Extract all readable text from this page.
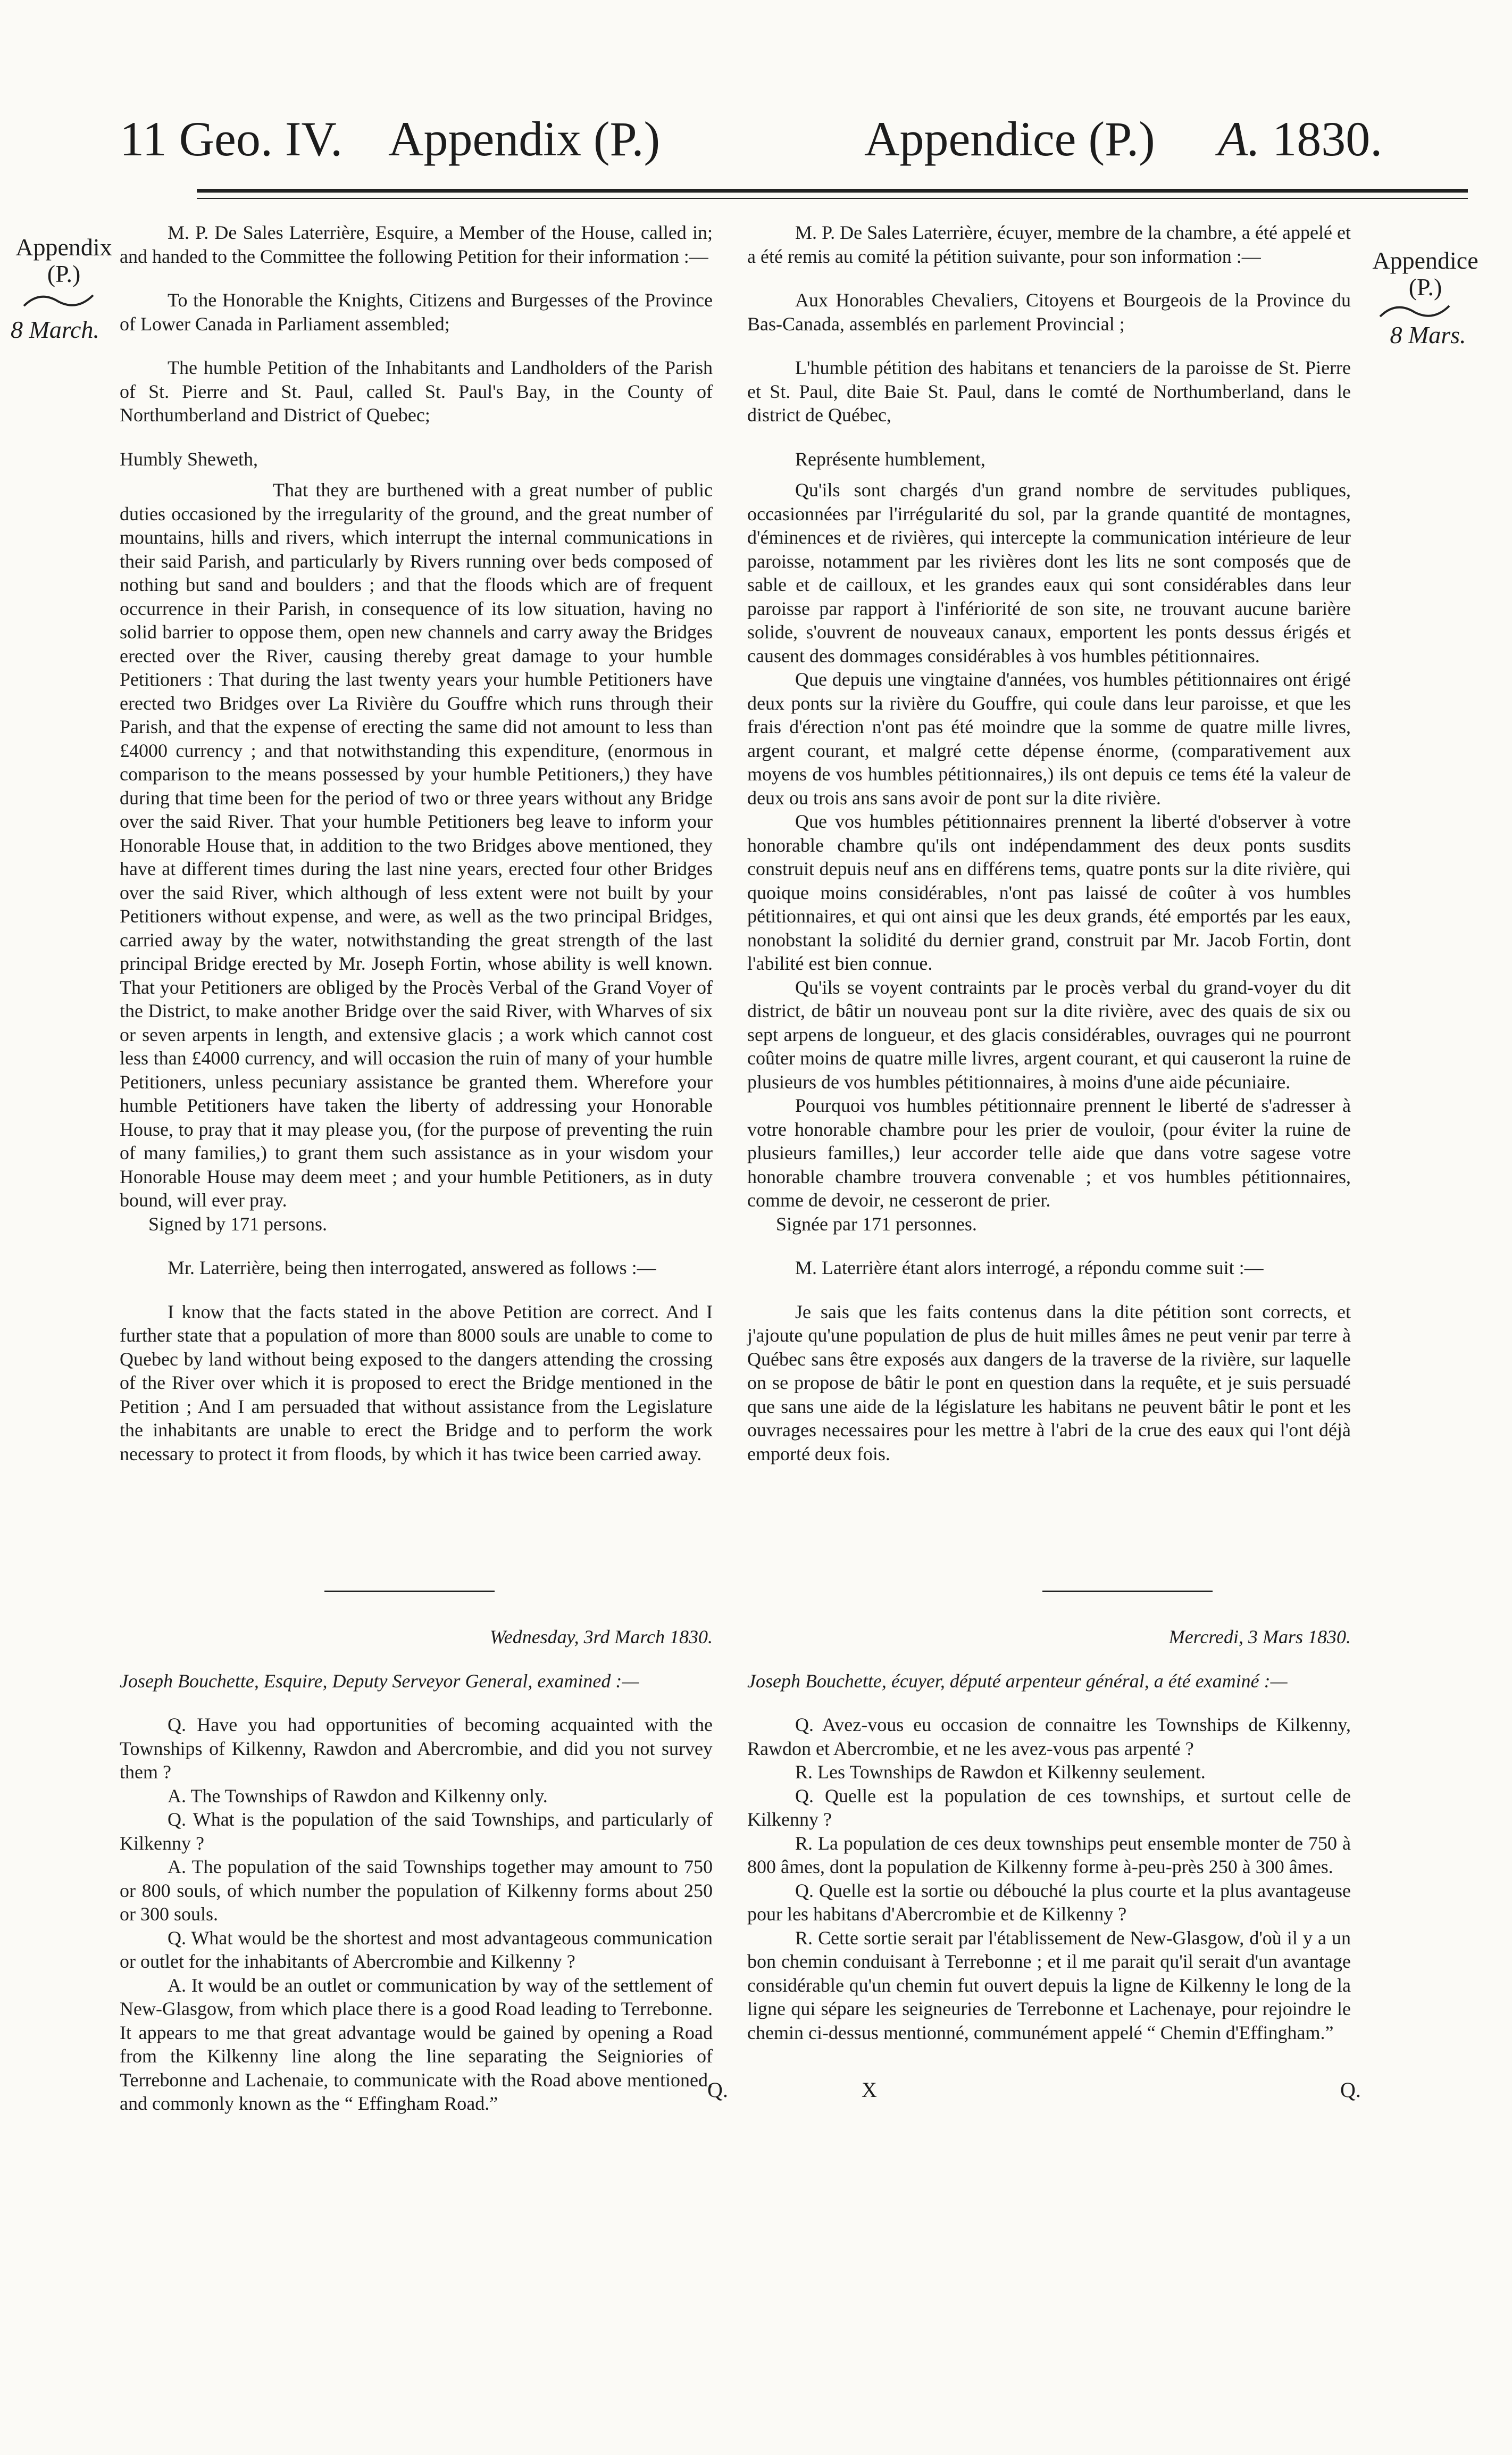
11 Geo. IV. Appendix (P.)	Appendice (P.) A. 1830.
Appendix
(P.)
8 March.
Appendice
(P.)
8 Mars.

M. P. De Sales Laterrière, Esquire, a Member of the House, called in; and handed to the Committee the following Petition for their information :—

To the Honorable the Knights, Citizens and Burgesses of the Province of Lower Canada in Parliament assembled;

The humble Petition of the Inhabitants and Landholders of the Parish of St. Pierre and St. Paul, called St. Paul's Bay, in the County of Northumberland and District of Quebec;

Humbly Sheweth,

That they are burthened with a great number of public duties occasioned by the irregularity of the ground, and the great number of mountains, hills and rivers, which interrupt the internal communications in their said Parish, and particularly by Rivers running over beds composed of nothing but sand and boulders ; and that the floods which are of frequent occurrence in their Parish, in consequence of its low situation, having no solid barrier to oppose them, open new channels and carry away the Bridges erected over the River, causing thereby great damage to your humble Petitioners : That during the last twenty years your humble Petitioners have erected two Bridges over La Rivière du Gouffre which runs through their Parish, and that the expense of erecting the same did not amount to less than £4000 currency ; and that notwithstanding this expenditure, (enormous in comparison to the means possessed by your humble Petitioners,) they have during that time been for the period of two or three years without any Bridge over the said River. That your humble Petitioners beg leave to inform your Honorable House that, in addition to the two Bridges above mentioned, they have at different times during the last nine years, erected four other Bridges over the said River, which although of less extent were not built by your Petitioners without expense, and were, as well as the two principal Bridges, carried away by the water, notwithstanding the great strength of the last principal Bridge erected by Mr. Joseph Fortin, whose ability is well known. That your Petitioners are obliged by the Procès Verbal of the Grand Voyer of the District, to make another Bridge over the said River, with Wharves of six or seven arpents in length, and extensive glacis ; a work which cannot cost less than £4000 currency, and will occasion the ruin of many of your humble Petitioners, unless pecuniary assistance be granted them. Wherefore your humble Petitioners have taken the liberty of addressing your Honorable House, to pray that it may please you, (for the purpose of preventing the ruin of many families,) to grant them such assistance as in your wisdom your Honorable House may deem meet ; and your humble Petitioners, as in duty bound, will ever pray.

Signed by 171 persons.

Mr. Laterrière, being then interrogated, answered as follows :—

I know that the facts stated in the above Petition are correct. And I further state that a population of more than 8000 souls are unable to come to Quebec by land without being exposed to the dangers attending the crossing of the River over which it is proposed to erect the Bridge mentioned in the Petition ; And I am persuaded that without assistance from the Legislature the inhabitants are unable to erect the Bridge and to perform the work necessary to protect it from floods, by which it has twice been carried away.

Wednesday, 3rd March 1830.

Joseph Bouchette, Esquire, Deputy Serveyor General, examined :—

Q. Have you had opportunities of becoming acquainted with the Townships of Kilkenny, Rawdon and Abercrombie, and did you not survey them ?

A. The Townships of Rawdon and Kilkenny only.

Q. What is the population of the said Townships, and particularly of Kilkenny ?

A. The population of the said Townships together may amount to 750 or 800 souls, of which number the population of Kilkenny forms about 250 or 300 souls.

Q. What would be the shortest and most advantageous communication or outlet for the inhabitants of Abercrombie and Kilkenny ?

A. It would be an outlet or communication by way of the settlement of New-Glasgow, from which place there is a good Road leading to Terrebonne. It appears to me that great advantage would be gained by opening a Road from the Kilkenny line along the line separating the Seigniories of Terrebonne and Lachenaie, to communicate with the Road above mentioned, and commonly known as the “ Effingham Road.”

M. P. De Sales Laterrière, écuyer, membre de la chambre, a été appelé et a été remis au comité la pétition suivante, pour son information :—

Aux Honorables Chevaliers, Citoyens et Bourgeois de la Province du Bas-Canada, assemblés en parlement Provincial ;

L'humble pétition des habitans et tenanciers de la paroisse de St. Pierre et St. Paul, dite Baie St. Paul, dans le comté de Northumberland, dans le district de Québec,

Représente humblement,

Qu'ils sont chargés d'un grand nombre de servitudes publiques, occasionnées par l'irrégularité du sol, par la grande quantité de montagnes, d'éminences et de rivières, qui intercepte la communication intérieure de leur paroisse, notamment par les rivières dont les lits ne sont composés que de sable et de cailloux, et les grandes eaux qui sont considérables dans leur paroisse par rapport à l'infériorité de son site, ne trouvant aucune barière solide, s'ouvrent de nouveaux canaux, emportent les ponts dessus érigés et causent des dommages considérables à vos humbles pétitionnaires.

Que depuis une vingtaine d'années, vos humbles pétitionnaires ont érigé deux ponts sur la rivière du Gouffre, qui coule dans leur paroisse, et que les frais d'érection n'ont pas été moindre que la somme de quatre mille livres, argent courant, et malgré cette dépense énorme, (comparativement aux moyens de vos humbles pétitionnaires,) ils ont depuis ce tems été la valeur de deux ou trois ans sans avoir de pont sur la dite rivière.

Que vos humbles pétitionnaires prennent la liberté d'observer à votre honorable chambre qu'ils ont indépendamment des deux ponts susdits construit depuis neuf ans en différens tems, quatre ponts sur la dite rivière, qui quoique moins considérables, n'ont pas laissé de coûter à vos humbles pétitionnaires, et qui ont ainsi que les deux grands, été emportés par les eaux, nonobstant la solidité du dernier grand, construit par Mr. Jacob Fortin, dont l'abilité est bien connue.

Qu'ils se voyent contraints par le procès verbal du grand-voyer du dit district, de bâtir un nouveau pont sur la dite rivière, avec des quais de six ou sept arpens de longueur, et des glacis considérables, ouvrages qui ne pourront coûter moins de quatre mille livres, argent courant, et qui causeront la ruine de plusieurs de vos humbles pétitionnaires, à moins d'une aide pécuniaire.

Pourquoi vos humbles pétitionnaire prennent le liberté de s'adresser à votre honorable chambre pour les prier de vouloir, (pour éviter la ruine de plusieurs familles,) leur accorder telle aide que dans votre sagese votre honorable chambre trouvera convenable ; et vos humbles pétitionnaires, comme de devoir, ne cesseront de prier.

Signée par 171 personnes.

M. Laterrière étant alors interrogé, a répondu comme suit :—

Je sais que les faits contenus dans la dite pétition sont corrects, et j'ajoute qu'une population de plus de huit milles âmes ne peut venir par terre à Québec sans être exposés aux dangers de la traverse de la rivière, sur laquelle on se propose de bâtir le pont en question dans la requête, et je suis persuadé que sans une aide de la législature les habitans ne peuvent bâtir le pont et les ouvrages necessaires pour les mettre à l'abri de la crue des eaux qui l'ont déjà emporté deux fois.

Mercredi, 3 Mars 1830.

Joseph Bouchette, écuyer, député arpenteur général, a été examiné :—

Q. Avez-vous eu occasion de connaitre les Townships de Kilkenny, Rawdon et Abercrombie, et ne les avez-vous pas arpenté ?

R. Les Townships de Rawdon et Kilkenny seulement.

Q. Quelle est la population de ces townships, et surtout celle de Kilkenny ?

R. La population de ces deux townships peut ensemble monter de 750 à 800 âmes, dont la population de Kilkenny forme à-peu-près 250 à 300 âmes.

Q. Quelle est la sortie ou débouché la plus courte et la plus avantageuse pour les habitans d'Abercrombie et de Kilkenny ?

R. Cette sortie serait par l'établissement de New-Glasgow, d'où il y a un bon chemin conduisant à Terrebonne ; et il me parait qu'il serait d'un avantage considérable qu'un chemin fut ouvert depuis la ligne de Kilkenny le long de la ligne qui sépare les seigneuries de Terrebonne et Lachenaye, pour rejoindre le chemin ci-dessus mentionné, communément appelé “ Chemin d'Effingham.”

Q.	X	Q.
